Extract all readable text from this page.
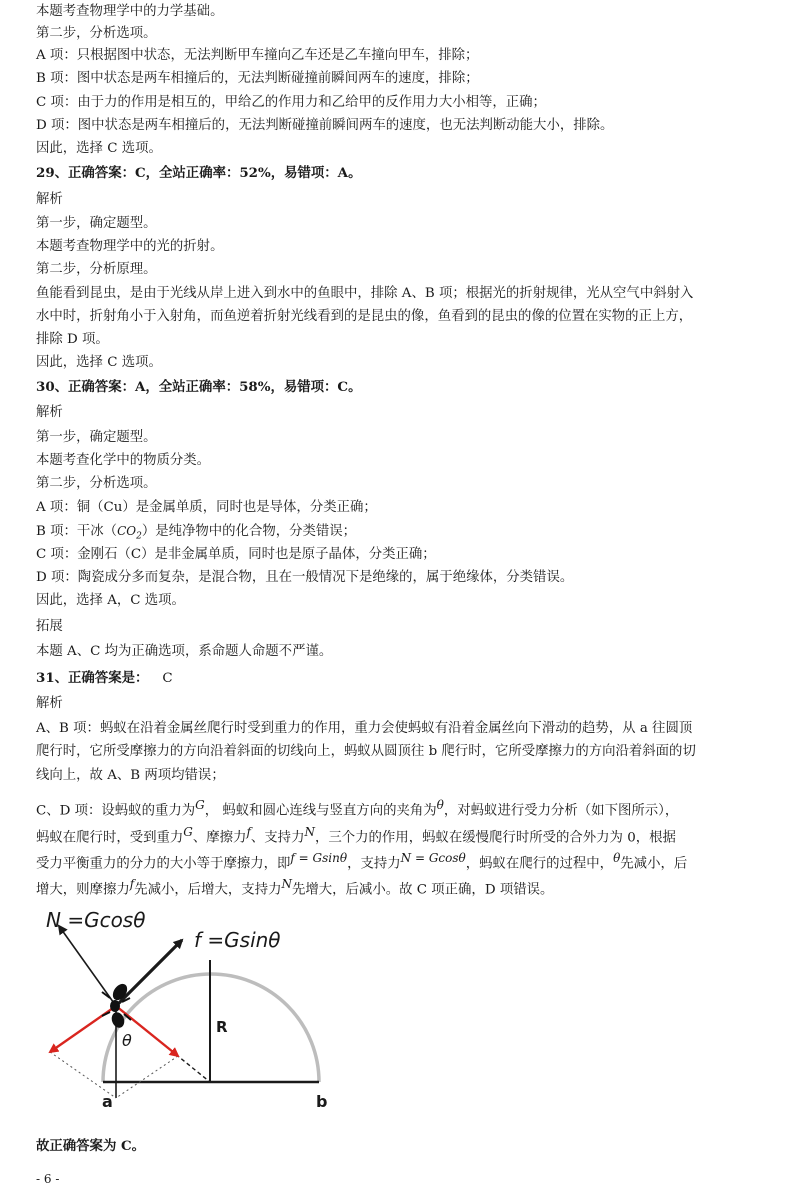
本题考查物理学中的力学基础。
第二步，分析选项。
A 项：只根据图中状态，无法判断甲车撞向乙车还是乙车撞向甲车，排除；
B 项：图中状态是两车相撞后的，无法判断碰撞前瞬间两车的速度，排除；
C 项：由于力的作用是相互的，甲给乙的作用力和乙给甲的反作用力大小相等，正确；
D 项：图中状态是两车相撞后的，无法判断碰撞前瞬间两车的速度，也无法判断动能大小，排除。
因此，选择 C 选项。
29、正确答案：C，全站正确率：52%，易错项：A。
解析
第一步，确定题型。
本题考查物理学中的光的折射。
第二步，分析原理。
鱼能看到昆虫，是由于光线从岸上进入到水中的鱼眼中，排除 A、B 项；根据光的折射规律，光从空气中斜射入
水中时，折射角小于入射角，而鱼逆着折射光线看到的是昆虫的像，鱼看到的昆虫的像的位置在实物的正上方，
排除 D 项。
因此，选择 C 选项。
30、正确答案：A，全站正确率：58%，易错项：C。
解析
第一步，确定题型。
本题考查化学中的物质分类。
第二步，分析选项。
A 项：铜（Cu）是金属单质，同时也是导体，分类正确；
B 项：干冰$(CO_2)$是纯净物中的化合物，分类错误；
C 项：金刚石（C）是非金属单质，同时也是原子晶体，分类正确；
D 项：陶瓷成分多而复杂，是混合物，且在一般情况下是绝缘的，属于绝缘体，分类错误。
因此，选择 A，C 选项。
拓展
本题 A、C 均为正确选项，系命题人命题不严谨。
31、正确答案是： C
解析
A、B 项：蚂蚁在沿着金属丝爬行时受到重力的作用，重力会使蚂蚁有沿着金属丝向下滑动的趋势，从 a 往圆顶
爬行时，它所受摩擦力的方向沿着斜面的切线向上，蚂蚁从圆顶往 b 爬行时，它所受摩擦力的方向沿着斜面的切
线向上，故 A、B 两项均错误；
C、D 项：设蚂蚁的重力为$^G$， 蚂蚁和圆心连线与竖直方向的夹角为$^\theta$，对蚂蚁进行受力分析（如下图所示），
蚂蚁在爬行时，受到重力$^G$、摩擦力$^f$、支持力$^N$，三个力的作用，蚂蚁在缓慢爬行时所受的合外力为 0，根据
受力平衡重力的分力的大小等于摩擦力，即$^{f = Gsin\theta}$，支持力$^{N = Gcos\theta}$，蚂蚁在爬行的过程中，$^\theta$先减小，后
增大，则摩擦力$^f$先减小，后增大，支持力$^N$先增大，后减小。故 C 项正确，D 项错误。
N =Gcosθ
f =Gsinθ
R
θ
a	b
故正确答案为 C。
- 6 -
